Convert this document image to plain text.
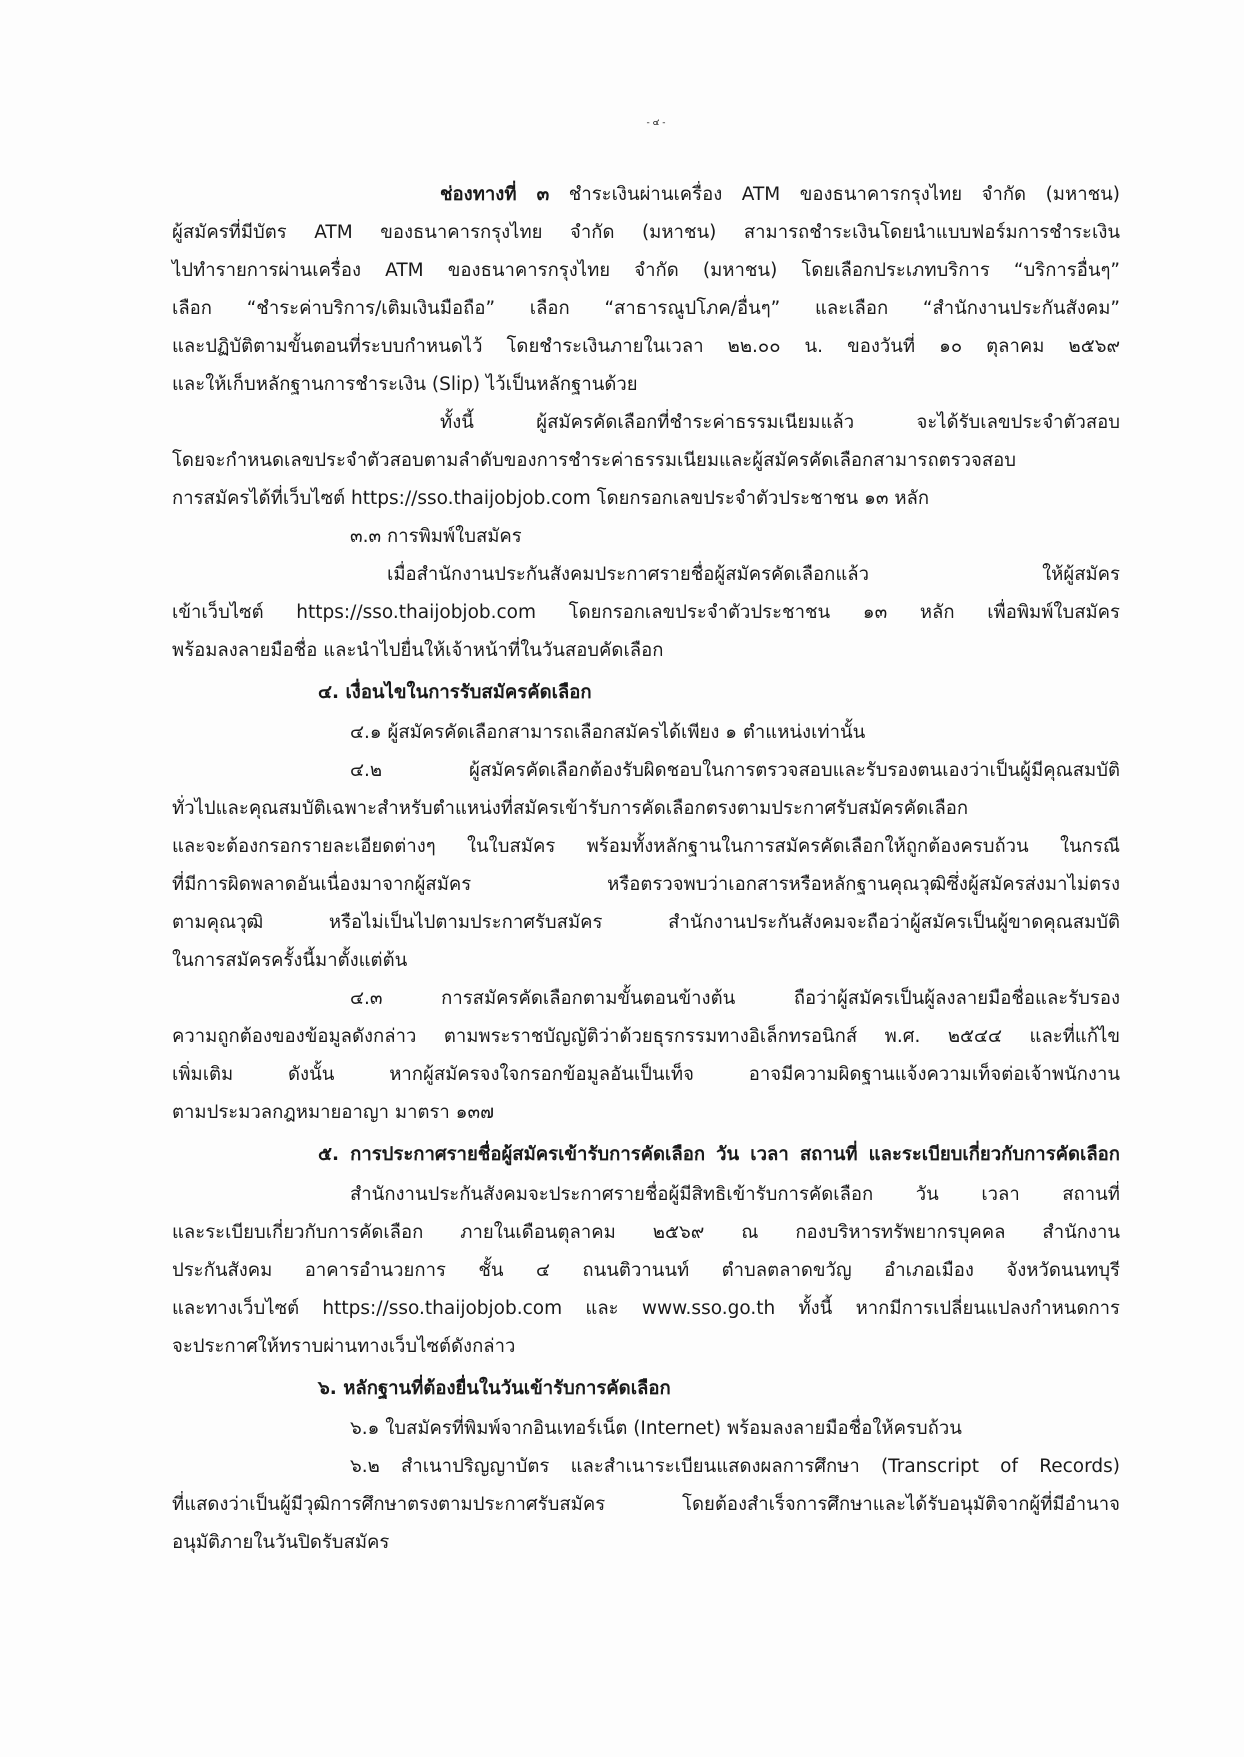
- ๔ -
ช่องทางที่ ๓ ชำระเงินผ่านเครื่อง ATM ของธนาคารกรุงไทย จำกัด (มหาชน)
ผู้สมัครที่มีบัตร ATM ของธนาคารกรุงไทย จำกัด (มหาชน) สามารถชำระเงินโดยนำแบบฟอร์มการชำระเงิน
ไปทำรายการผ่านเครื่อง ATM ของธนาคารกรุงไทย จำกัด (มหาชน) โดยเลือกประเภทบริการ “บริการอื่นๆ”
เลือก “ชำระค่าบริการ/เติมเงินมือถือ” เลือก “สาธารณูปโภค/อื่นๆ” และเลือก “สำนักงานประกันสังคม”
และปฏิบัติตามขั้นตอนที่ระบบกำหนดไว้ โดยชำระเงินภายในเวลา ๒๒.๐๐ น. ของวันที่ ๑๐ ตุลาคม ๒๕๖๙
และให้เก็บหลักฐานการชำระเงิน (Slip) ไว้เป็นหลักฐานด้วย
ทั้งนี้ ผู้สมัครคัดเลือกที่ชำระค่าธรรมเนียมแล้ว จะได้รับเลขประจำตัวสอบ
โดยจะกำหนดเลขประจำตัวสอบตามลำดับของการชำระค่าธรรมเนียมและผู้สมัครคัดเลือกสามารถตรวจสอบ
การสมัครได้ที่เว็บไซต์ https://sso.thaijobjob.com โดยกรอกเลขประจำตัวประชาชน ๑๓ หลัก
๓.๓ การพิมพ์ใบสมัคร
เมื่อสำนักงานประกันสังคมประกาศรายชื่อผู้สมัครคัดเลือกแล้ว ให้ผู้สมัคร
เข้าเว็บไซต์ https://sso.thaijobjob.com โดยกรอกเลขประจำตัวประชาชน ๑๓ หลัก เพื่อพิมพ์ใบสมัคร
พร้อมลงลายมือชื่อ และนำไปยื่นให้เจ้าหน้าที่ในวันสอบคัดเลือก
๔. เงื่อนไขในการรับสมัครคัดเลือก
๔.๑ ผู้สมัครคัดเลือกสามารถเลือกสมัครได้เพียง ๑ ตำแหน่งเท่านั้น
๔.๒ ผู้สมัครคัดเลือกต้องรับผิดชอบในการตรวจสอบและรับรองตนเองว่าเป็นผู้มีคุณสมบัติ
ทั่วไปและคุณสมบัติเฉพาะสำหรับตำแหน่งที่สมัครเข้ารับการคัดเลือกตรงตามประกาศรับสมัครคัดเลือก
และจะต้องกรอกรายละเอียดต่างๆ ในใบสมัคร พร้อมทั้งหลักฐานในการสมัครคัดเลือกให้ถูกต้องครบถ้วน ในกรณี
ที่มีการผิดพลาดอันเนื่องมาจากผู้สมัคร หรือตรวจพบว่าเอกสารหรือหลักฐานคุณวุฒิซึ่งผู้สมัครส่งมาไม่ตรง
ตามคุณวุฒิ หรือไม่เป็นไปตามประกาศรับสมัคร สำนักงานประกันสังคมจะถือว่าผู้สมัครเป็นผู้ขาดคุณสมบัติ
ในการสมัครครั้งนี้มาตั้งแต่ต้น
๔.๓ การสมัครคัดเลือกตามขั้นตอนข้างต้น ถือว่าผู้สมัครเป็นผู้ลงลายมือชื่อและรับรอง
ความถูกต้องของข้อมูลดังกล่าว ตามพระราชบัญญัติว่าด้วยธุรกรรมทางอิเล็กทรอนิกส์ พ.ศ. ๒๕๔๔ และที่แก้ไข
เพิ่มเติม ดังนั้น หากผู้สมัครจงใจกรอกข้อมูลอันเป็นเท็จ อาจมีความผิดฐานแจ้งความเท็จต่อเจ้าพนักงาน
ตามประมวลกฎหมายอาญา มาตรา ๑๓๗
๕. การประกาศรายชื่อผู้สมัครเข้ารับการคัดเลือก วัน เวลา สถานที่ และระเบียบเกี่ยวกับการคัดเลือก
สำนักงานประกันสังคมจะประกาศรายชื่อผู้มีสิทธิเข้ารับการคัดเลือก วัน เวลา สถานที่
และระเบียบเกี่ยวกับการคัดเลือก ภายในเดือนตุลาคม ๒๕๖๙ ณ กองบริหารทรัพยากรบุคคล สำนักงาน
ประกันสังคม อาคารอำนวยการ ชั้น ๔ ถนนติวานนท์ ตำบลตลาดขวัญ อำเภอเมือง จังหวัดนนทบุรี
และทางเว็บไซต์ https://sso.thaijobjob.com และ www.sso.go.th ทั้งนี้ หากมีการเปลี่ยนแปลงกำหนดการ
จะประกาศให้ทราบผ่านทางเว็บไซต์ดังกล่าว
๖. หลักฐานที่ต้องยื่นในวันเข้ารับการคัดเลือก
๖.๑ ใบสมัครที่พิมพ์จากอินเทอร์เน็ต (Internet) พร้อมลงลายมือชื่อให้ครบถ้วน
๖.๒ สำเนาปริญญาบัตร และสำเนาระเบียนแสดงผลการศึกษา (Transcript of Records)
ที่แสดงว่าเป็นผู้มีวุฒิการศึกษาตรงตามประกาศรับสมัคร โดยต้องสำเร็จการศึกษาและได้รับอนุมัติจากผู้ที่มีอำนาจ
อนุมัติภายในวันปิดรับสมัคร
